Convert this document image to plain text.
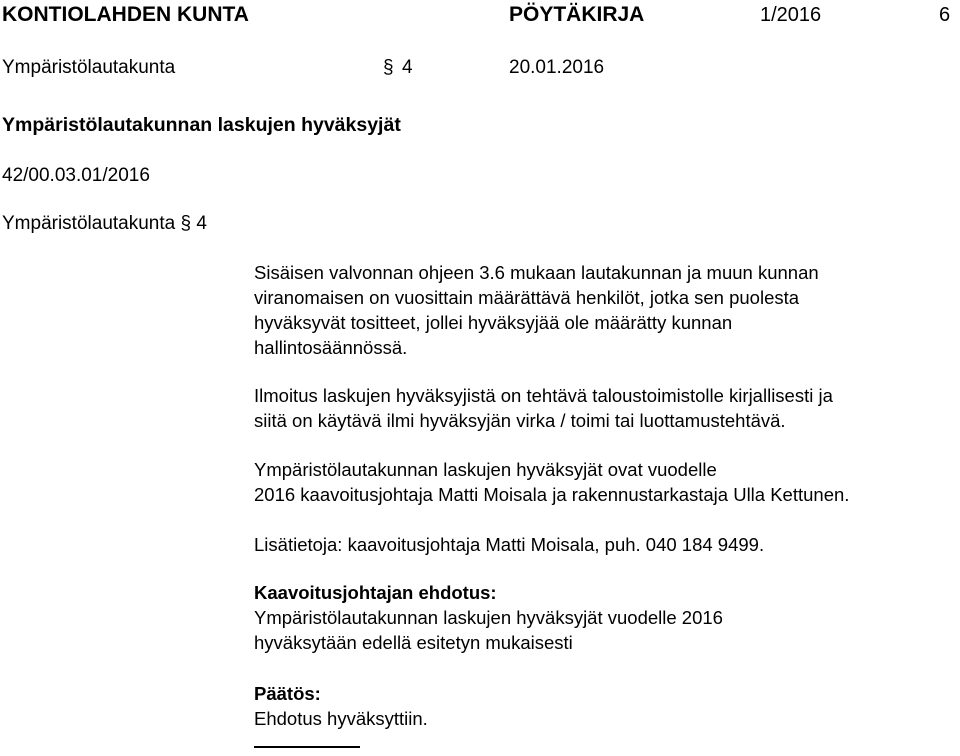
KONTIOLAHDEN KUNTA	PÖYTÄKIRJA	1/2016	6
Ympäristölautakunta	§ 4	20.01.2016
Ympäristölautakunnan laskujen hyväksyjät
42/00.03.01/2016
Ympäristölautakunta § 4
Sisäisen valvonnan ohjeen 3.6 mukaan lautakunnan ja muun kunnan
viranomaisen on vuosittain määrättävä henkilöt, jotka sen puolesta
hyväksyvät tositteet, jollei hyväksyjää ole määrätty kunnan
hallintosäännössä.
Ilmoitus laskujen hyväksyjistä on tehtävä taloustoimistolle kirjallisesti ja
siitä on käytävä ilmi hyväksyjän virka / toimi tai luottamustehtävä.
Ympäristölautakunnan laskujen hyväksyjät ovat vuodelle
2016 kaavoitusjohtaja Matti Moisala ja rakennustarkastaja Ulla Kettunen.
Lisätietoja: kaavoitusjohtaja Matti Moisala, puh. 040 184 9499.
Kaavoitusjohtajan ehdotus:
Ympäristölautakunnan laskujen hyväksyjät vuodelle 2016
hyväksytään edellä esitetyn mukaisesti
Päätös:
Ehdotus hyväksyttiin.
